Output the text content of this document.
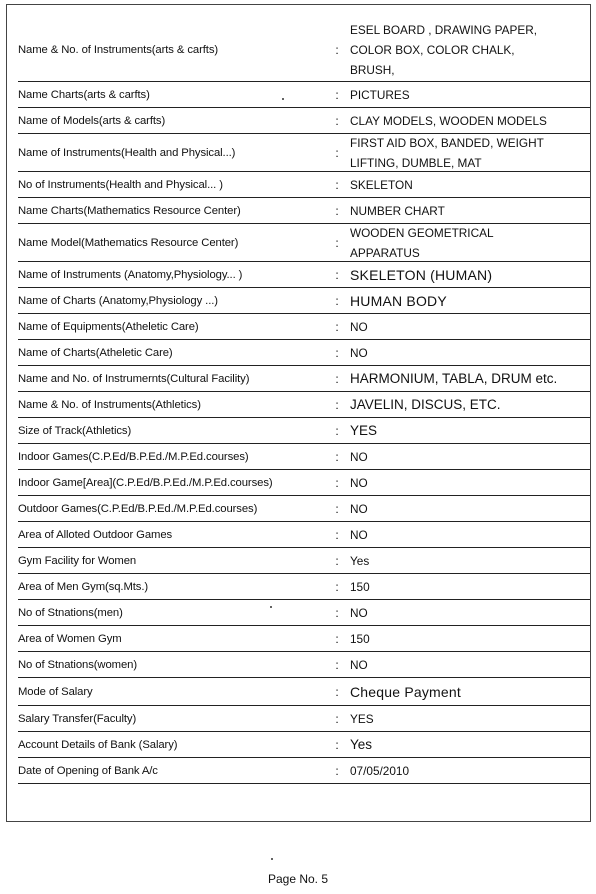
Name & No. of Instruments(arts & carfts)	:
ESEL BOARD , DRAWING PAPER,
COLOR BOX, COLOR CHALK,
BRUSH,
Name Charts(arts & carfts)	: PICTURES
Name of Models(arts & carfts)	: CLAY MODELS, WOODEN MODELS
Name of Instruments(Health and Physical...)	:
FIRST AID BOX, BANDED, WEIGHT
LIFTING, DUMBLE, MAT
No of Instruments(Health and Physical... )	: SKELETON
Name Charts(Mathematics Resource Center)	: NUMBER CHART
Name Model(Mathematics Resource Center)	:
WOODEN GEOMETRICAL
APPARATUS
Name of Instruments (Anatomy,Physiology... )	: SKELETON (HUMAN)
Name of Charts (Anatomy,Physiology ...)	: HUMAN BODY
Name of Equipments(Atheletic Care)	: NO
Name of Charts(Atheletic Care)	: NO
Name and No. of Instrumernts(Cultural Facility)	: HARMONIUM, TABLA, DRUM etc.
Name & No. of Instruments(Athletics)	: JAVELIN, DISCUS, ETC.
Size of Track(Athletics)	: YES
Indoor Games(C.P.Ed/B.P.Ed./M.P.Ed.courses)	: NO
Indoor Game[Area](C.P.Ed/B.P.Ed./M.P.Ed.courses)	: NO
Outdoor Games(C.P.Ed/B.P.Ed./M.P.Ed.courses)	: NO
Area of Alloted Outdoor Games	: NO
Gym Facility for Women	: Yes
Area of Men Gym(sq.Mts.)	: 150
No of Stnations(men)	: NO
Area of Women Gym	: 150
No of Stnations(women)	: NO
Mode of Salary	: Cheque Payment
Salary Transfer(Faculty)	: YES
Account Details of Bank (Salary)	: Yes
Date of Opening of Bank A/c	: 07/05/2010
Page No. 5
